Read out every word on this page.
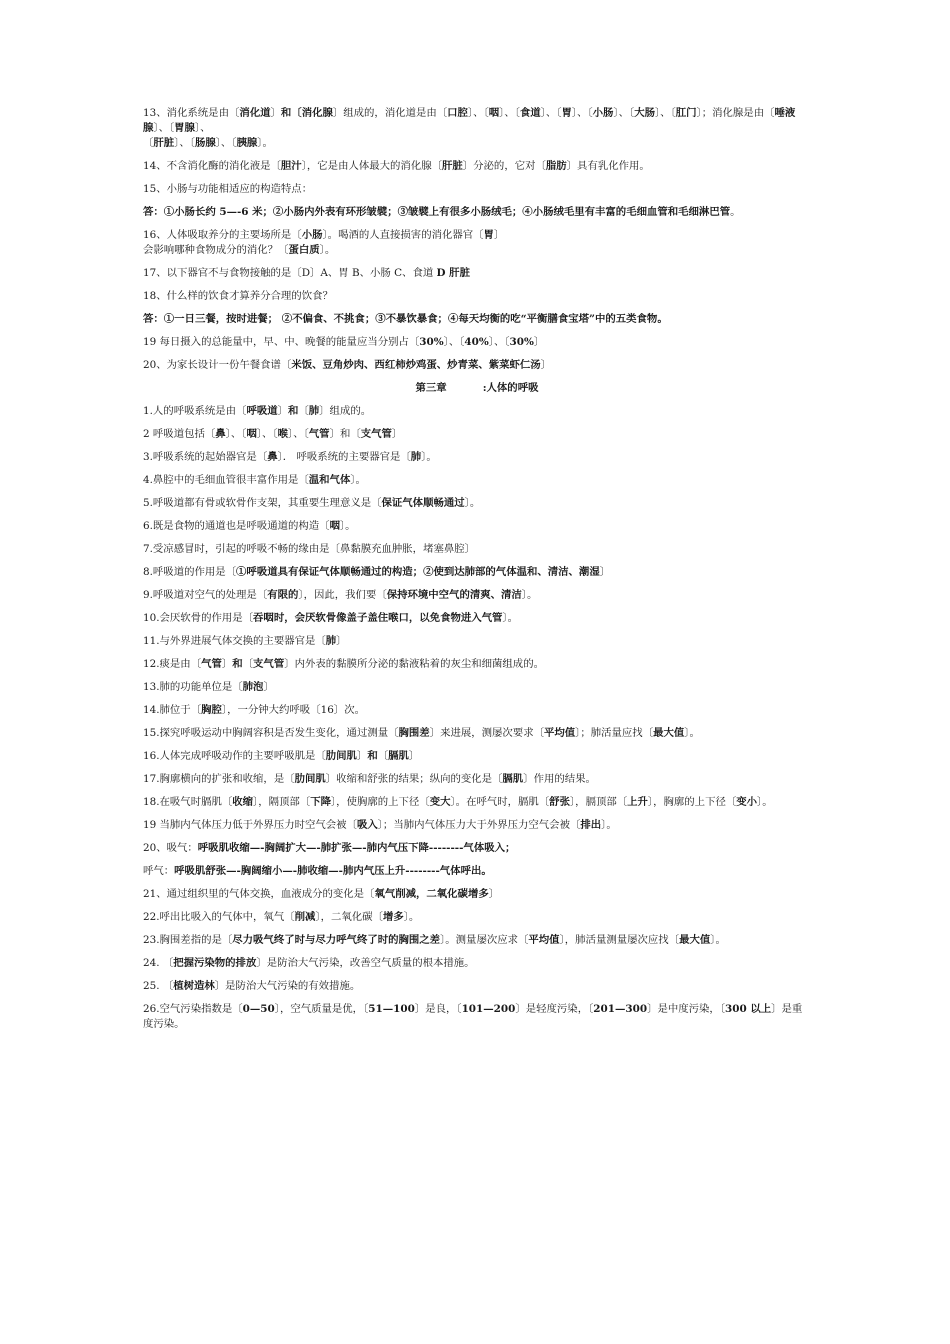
13、消化系统是由〔消化道〕和〔消化腺〕组成的，消化道是由〔口腔〕、〔咽〕、〔食道〕、〔胃〕、〔小肠〕、〔大肠〕、〔肛门〕；消化腺是由〔唾液腺〕、〔胃腺〕、
〔肝脏〕、〔肠腺〕、〔胰腺〕。
14、不含消化酶的消化液是〔胆汁〕，它是由人体最大的消化腺〔肝脏〕分泌的，它对〔脂肪〕具有乳化作用。
15、小肠与功能相适应的构造特点：
答：①小肠长约 5—-6 米；②小肠内外表有环形皱襞；③皱襞上有很多小肠绒毛；④小肠绒毛里有丰富的毛细血管和毛细淋巴管。
16、人体吸取养分的主要场所是〔小肠〕。喝酒的人直接损害的消化器官〔胃〕
会影响哪种食物成分的消化？〔蛋白质〕。
17、以下器官不与食物接触的是〔D〕A、胃 B、小肠 C、食道 D 肝脏
18、什么样的饮食才算养分合理的饮食？
答：①一日三餐，按时进餐； ②不偏食、不挑食；③不暴饮暴食；④每天均衡的吃“平衡膳食宝塔”中的五类食物。
19 每日摄入的总能量中，早、中、晚餐的能量应当分别占〔30%〕、〔40%〕、〔30%〕
20、为家长设计一份午餐食谱〔米饭、豆角炒肉、西红柿炒鸡蛋、炒青菜、紫菜虾仁汤〕
第三章	:人体的呼吸
1.人的呼吸系统是由〔呼吸道〕和〔肺〕组成的。
2 呼吸道包括〔鼻〕、〔咽〕、〔喉〕、〔气管〕和〔支气管〕
3.呼吸系统的起始器官是〔鼻〕． 呼吸系统的主要器官是〔肺〕。
4.鼻腔中的毛细血管很丰富作用是〔温和气体〕。
5.呼吸道都有骨或软骨作支架，其重要生理意义是〔保证气体顺畅通过〕。
6.既是食物的通道也是呼吸通道的构造〔咽〕。
7.受凉感冒时，引起的呼吸不畅的缘由是〔鼻黏膜充血肿胀，堵塞鼻腔〕
8.呼吸道的作用是〔①呼吸道具有保证气体顺畅通过的构造；②使到达肺部的气体温和、清洁、潮湿〕
9.呼吸道对空气的处理是〔有限的〕，因此，我们要〔保持环境中空气的清爽、清洁〕。
10.会厌软骨的作用是〔吞咽时，会厌软骨像盖子盖住喉口，以免食物进入气管〕。
11.与外界进展气体交换的主要器官是〔肺〕
12.痰是由〔气管〕和〔支气管〕内外表的黏膜所分泌的黏液粘着的灰尘和细菌组成的。
13.肺的功能单位是〔肺泡〕
14.肺位于〔胸腔〕，一分钟大约呼吸〔16〕次。
15.探究呼吸运动中胸阔容积是否发生变化，通过测量〔胸围差〕来进展，测屡次要求〔平均值〕；肺活量应找〔最大值〕。
16.人体完成呼吸动作的主要呼吸肌是〔肋间肌〕和〔膈肌〕
17.胸廓横向的扩张和收缩，是〔肋间肌〕收缩和舒张的结果；纵向的变化是〔膈肌〕作用的结果。
18.在吸气时膈肌〔收缩〕，隔顶部〔下降〕，使胸廓的上下径〔变大〕。在呼气时，膈肌〔舒张〕，膈顶部〔上升〕，胸廓的上下径〔变小〕。
19 当肺内气体压力低于外界压力时空气会被〔吸入〕；当肺内气体压力大于外界压力空气会被〔排出〕。
20、吸气：呼吸肌收缩—-胸阔扩大—-肺扩张—-肺内气压下降--------气体吸入；
呼气：呼吸肌舒张—-胸阔缩小—-肺收缩—-肺内气压上升--------气体呼出。
21、通过组织里的气体交换，血液成分的变化是〔氧气削减，二氧化碳增多〕
22.呼出比吸入的气体中，氧气〔削减〕，二氧化碳〔增多〕。
23.胸围差指的是〔尽力吸气终了时与尽力呼气终了时的胸围之差〕。测量屡次应求〔平均值〕，肺活量测量屡次应找〔最大值〕。
24. 〔把握污染物的排放〕是防治大气污染，改善空气质量的根本措施。
25. 〔植树造林〕是防治大气污染的有效措施。
26.空气污染指数是〔0—50〕，空气质量是优，〔51—100〕是良，〔101—200〕是轻度污染，〔201—300〕是中度污染，〔300 以上〕是重度污染。
